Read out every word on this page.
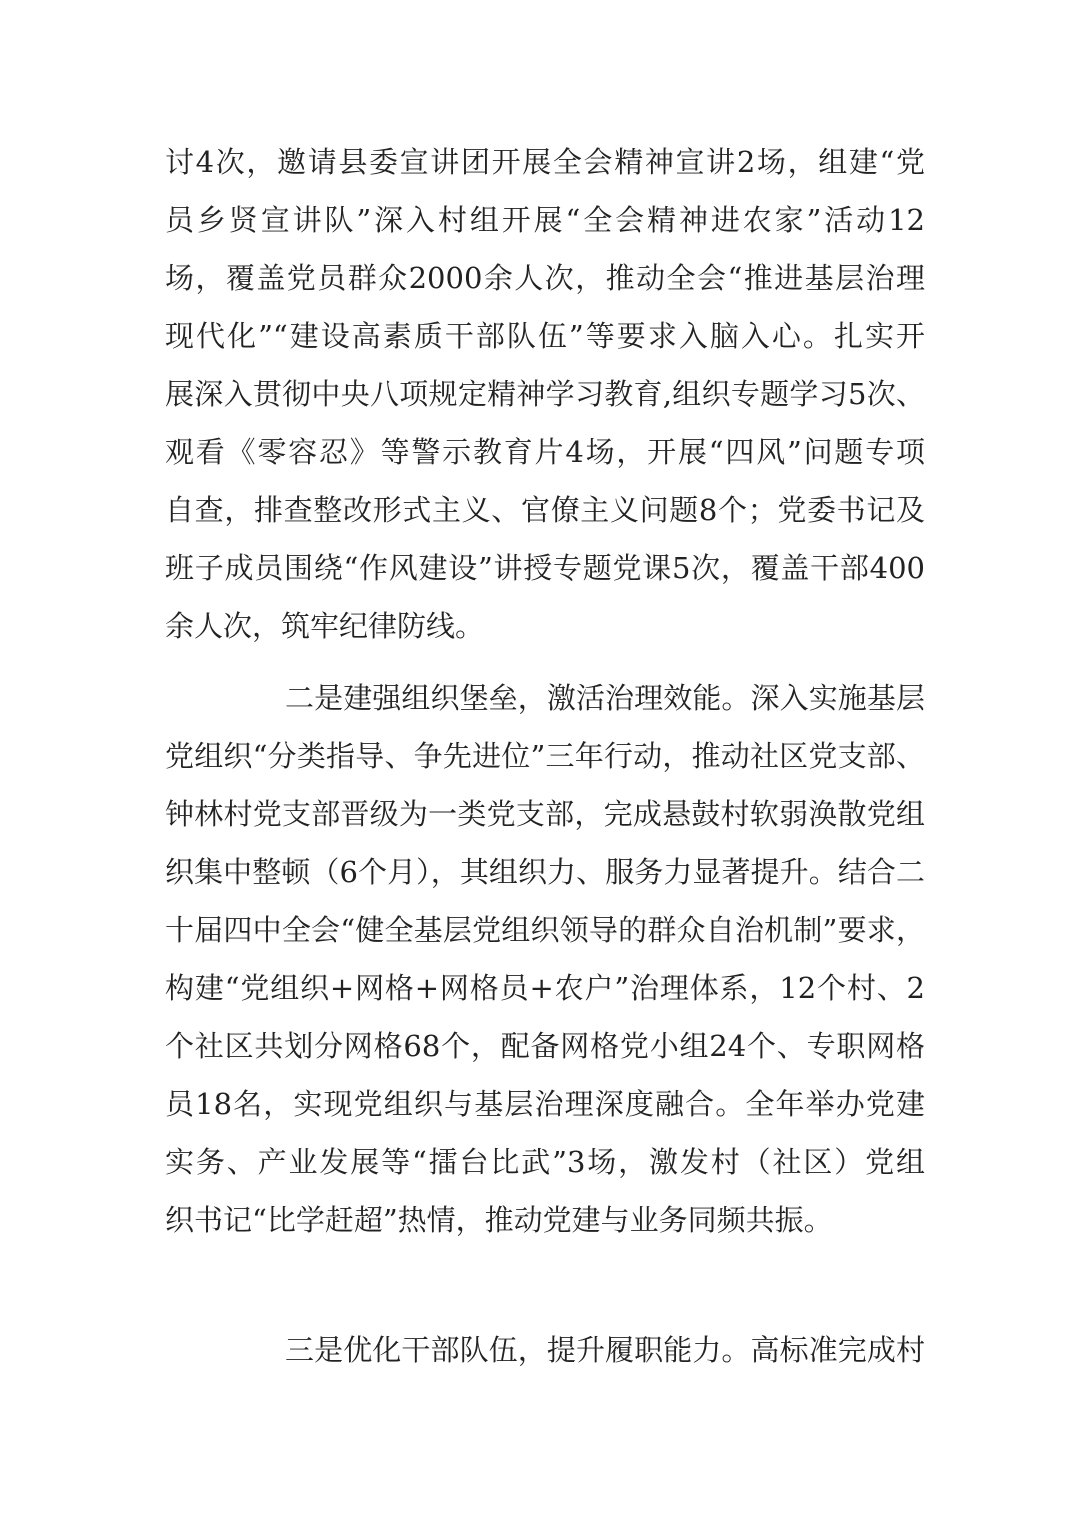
讨4次，邀请县委宣讲团开展全会精神宣讲2场，组建“党
员乡贤宣讲队”深入村组开展“全会精神进农家”活动12
场，覆盖党员群众2000余人次，推动全会“推进基层治理
现代化”“建设高素质干部队伍”等要求入脑入心。扎实开
展深入贯彻中央八项规定精神学习教育,组织专题学习5次、
观看《零容忍》等警示教育片4场，开展“四风”问题专项
自查，排查整改形式主义、官僚主义问题8个；党委书记及
班子成员围绕“作风建设”讲授专题党课5次，覆盖干部400
余人次，筑牢纪律防线。
二是建强组织堡垒，激活治理效能。深入实施基层
党组织“分类指导、争先进位”三年行动，推动社区党支部、
钟林村党支部晋级为一类党支部，完成悬鼓村软弱涣散党组
织集中整顿（6个月），其组织力、服务力显著提升。结合二
十届四中全会“健全基层党组织领导的群众自治机制”要求，
构建“党组织+网格+网格员+农户”治理体系，12个村、2
个社区共划分网格68个，配备网格党小组24个、专职网格
员18名，实现党组织与基层治理深度融合。全年举办党建
实务、产业发展等“擂台比武”3场，激发村（社区）党组
织书记“比学赶超”热情，推动党建与业务同频共振。
三是优化干部队伍，提升履职能力。高标准完成村
